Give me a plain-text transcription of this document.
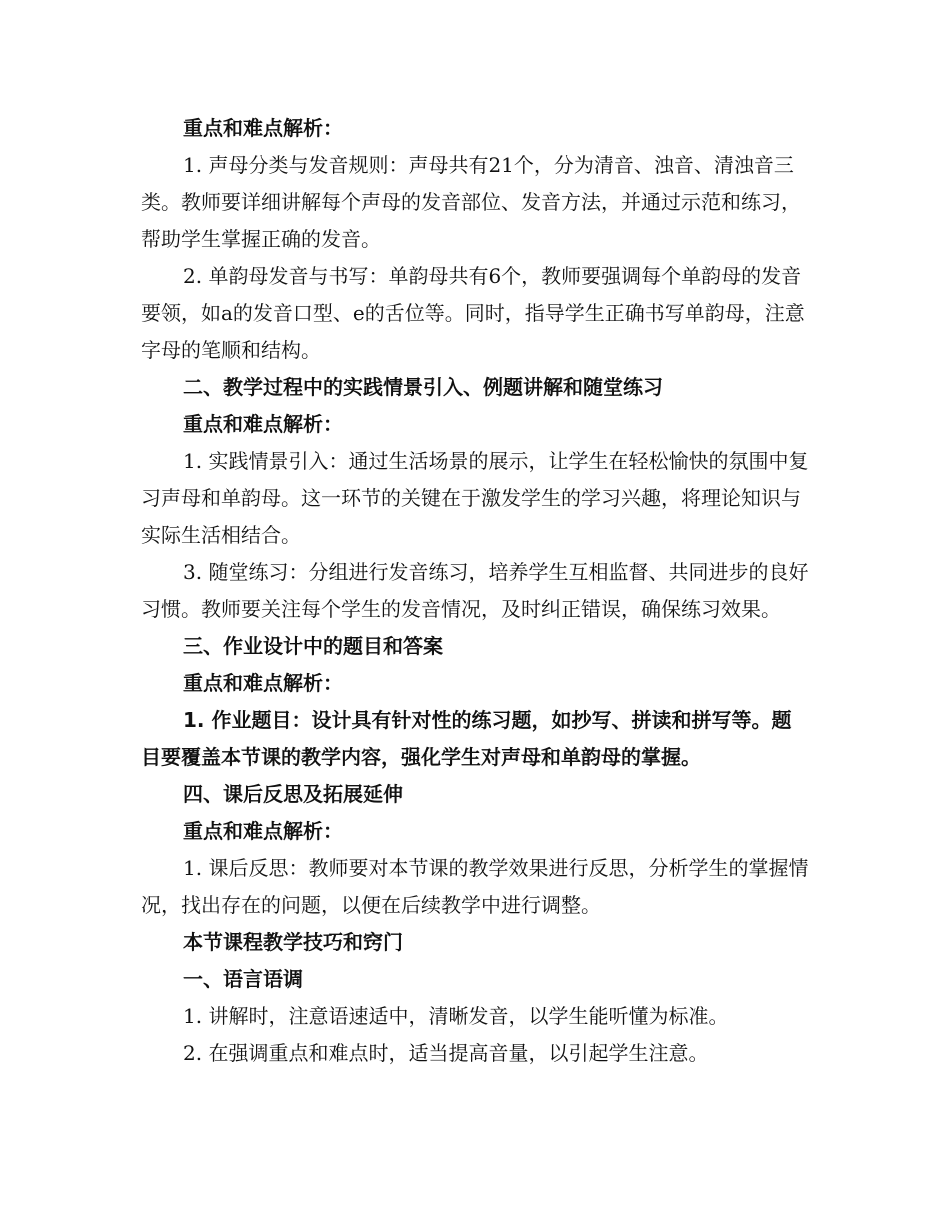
重点和难点解析：

1. 声母分类与发音规则：声母共有21个，分为清音、浊音、清浊音三类。教师要详细讲解每个声母的发音部位、发音方法，并通过示范和练习，帮助学生掌握正确的发音。

2. 单韵母发音与书写：单韵母共有6个，教师要强调每个单韵母的发音要领，如a的发音口型、e的舌位等。同时，指导学生正确书写单韵母，注意字母的笔顺和结构。

二、教学过程中的实践情景引入、例题讲解和随堂练习

重点和难点解析：

1. 实践情景引入：通过生活场景的展示，让学生在轻松愉快的氛围中复习声母和单韵母。这一环节的关键在于激发学生的学习兴趣，将理论知识与实际生活相结合。

3. 随堂练习：分组进行发音练习，培养学生互相监督、共同进步的良好习惯。教师要关注每个学生的发音情况，及时纠正错误，确保练习效果。

三、作业设计中的题目和答案

重点和难点解析：

1. 作业题目：设计具有针对性的练习题，如抄写、拼读和拼写等。题目要覆盖本节课的教学内容，强化学生对声母和单韵母的掌握。

四、课后反思及拓展延伸

重点和难点解析：

1. 课后反思：教师要对本节课的教学效果进行反思，分析学生的掌握情况，找出存在的问题，以便在后续教学中进行调整。

本节课程教学技巧和窍门

一、语言语调

1. 讲解时，注意语速适中，清晰发音，以学生能听懂为标准。

2. 在强调重点和难点时，适当提高音量，以引起学生注意。
